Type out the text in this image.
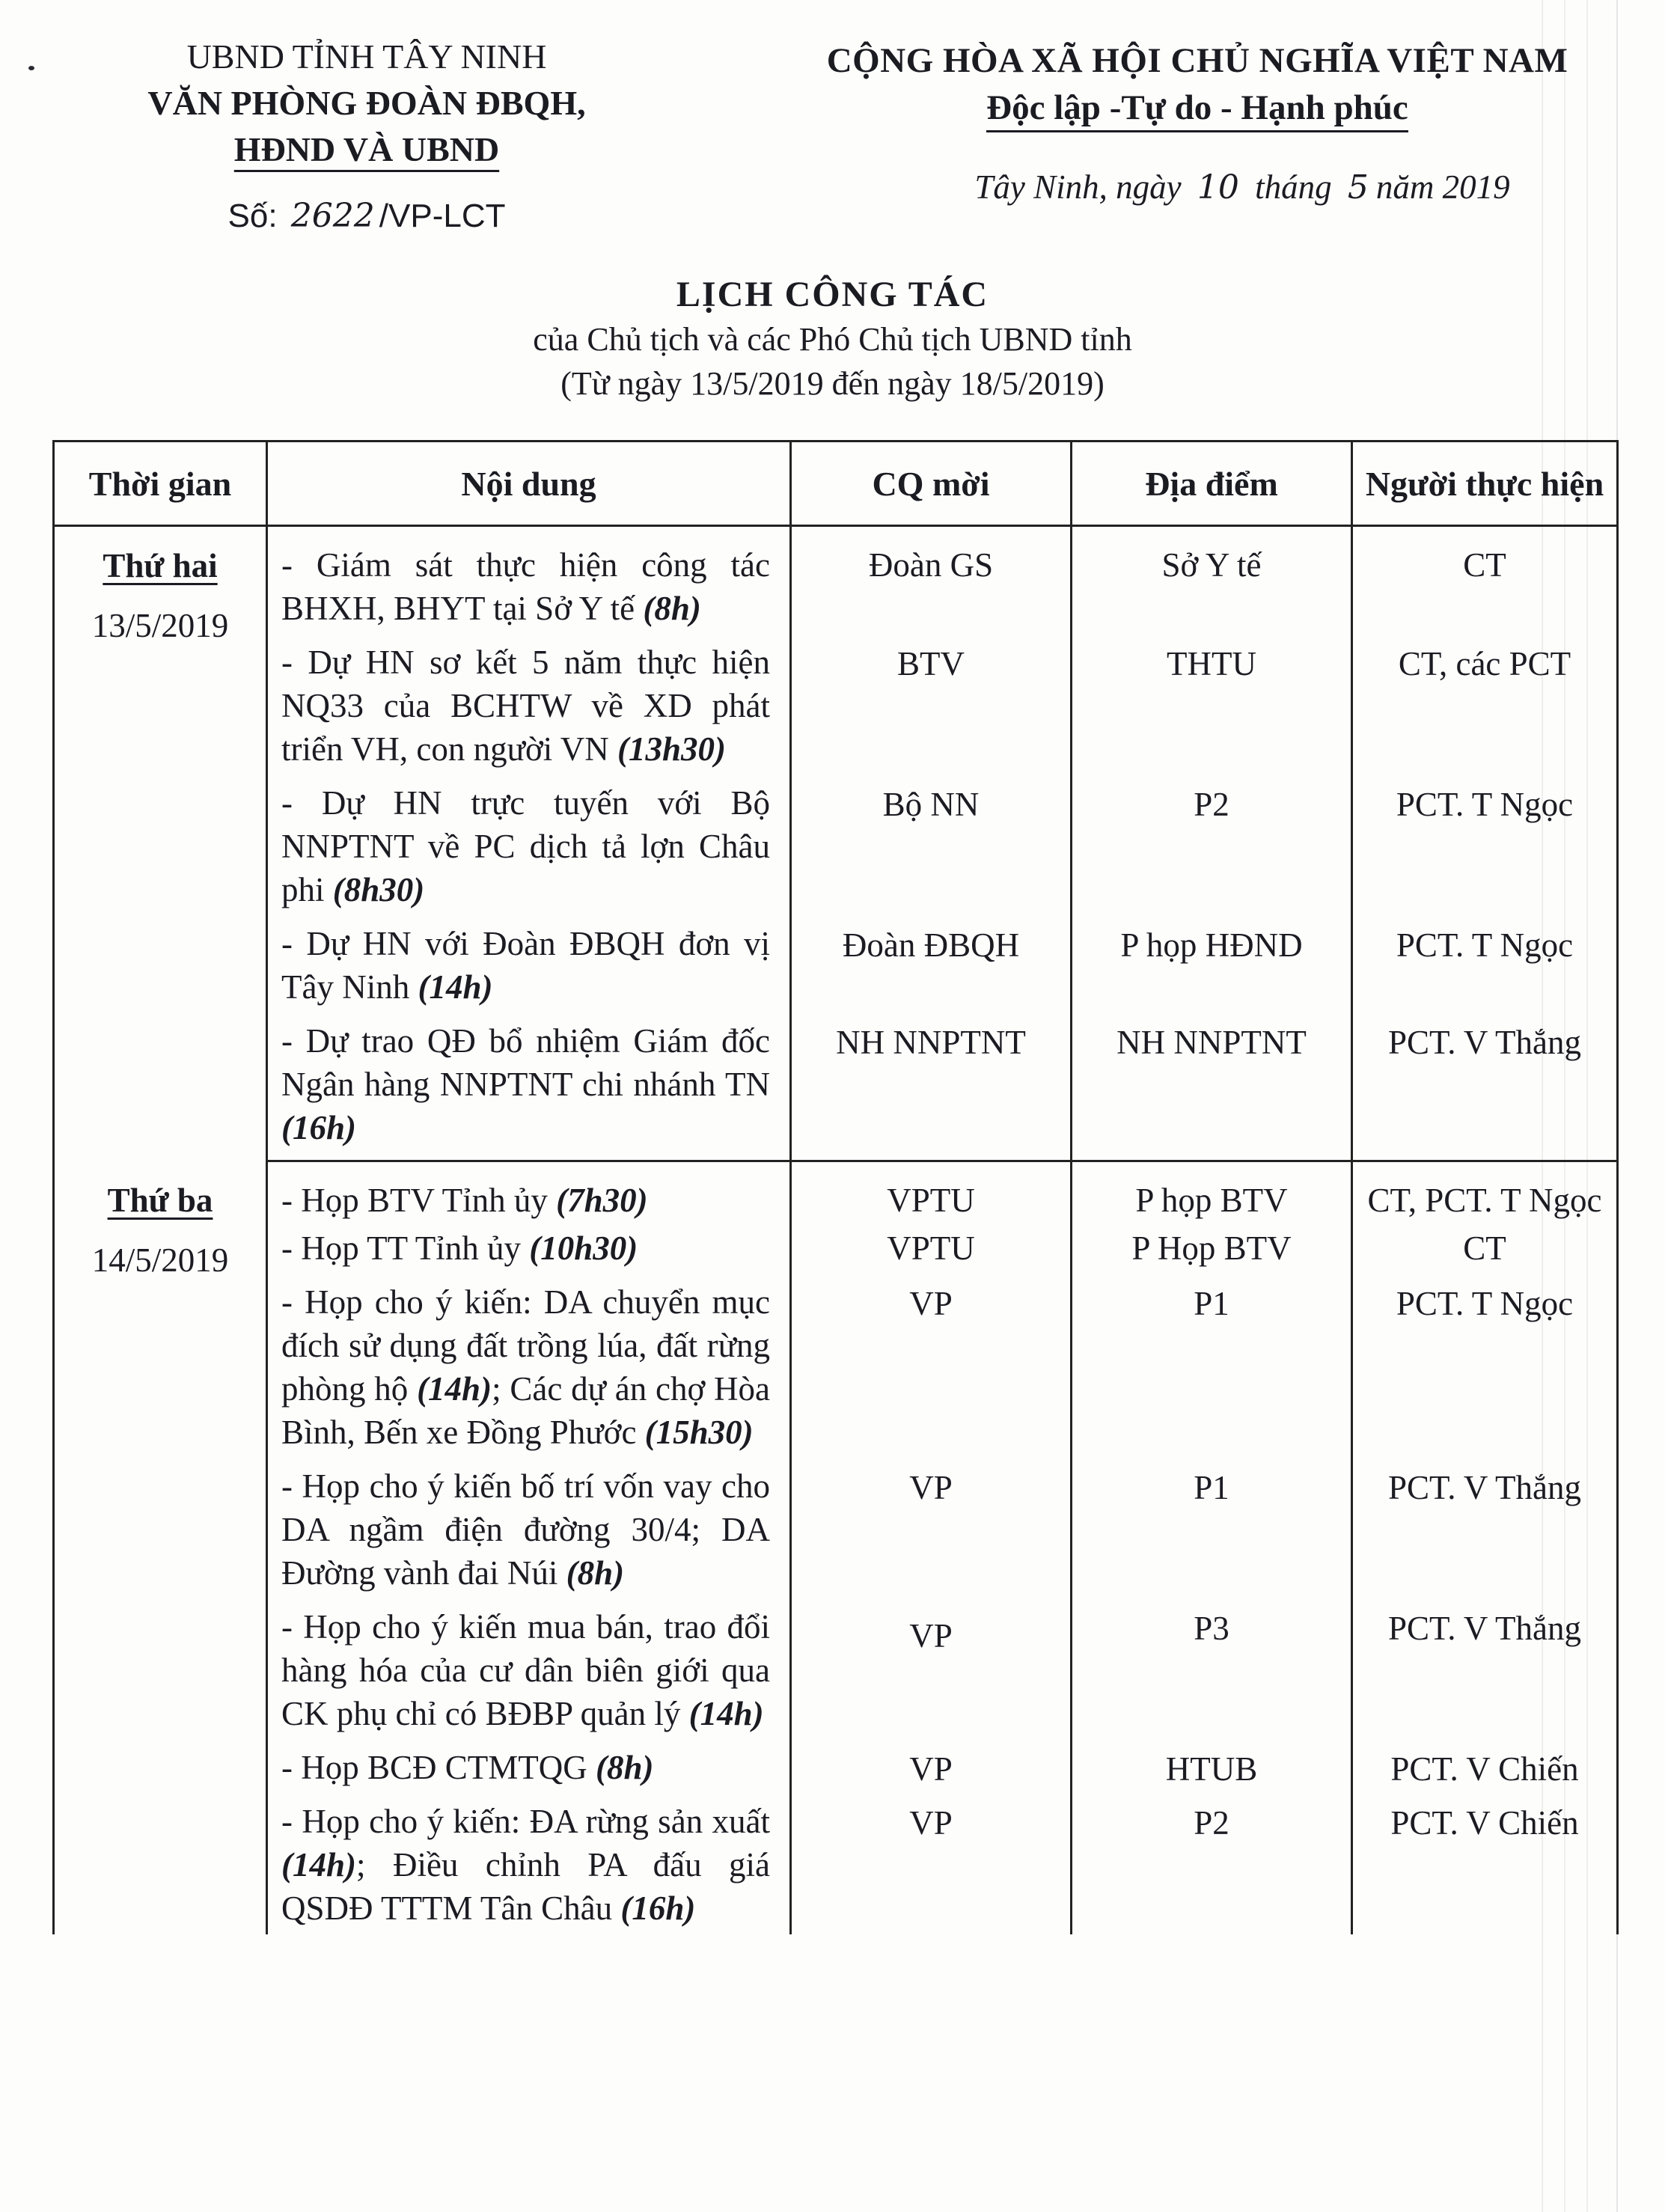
UBND TỈNH TÂY NINH
VĂN PHÒNG ĐOÀN ĐBQH,
HĐND VÀ UBND
Số: 2622 /VP-LCT
CỘNG HÒA XÃ HỘI CHỦ NGHĨA VIỆT NAM
Độc lập -Tự do - Hạnh phúc
Tây Ninh, ngày 10 tháng 5 năm 2019
LỊCH CÔNG TÁC
của Chủ tịch và các Phó Chủ tịch UBND tỉnh
(Từ ngày 13/5/2019 đến ngày 18/5/2019)
Thời gian	Nội dung	CQ mời	Địa điểm	Người thực hiện

Thứ hai
13/5/2019	- Giám sát thực hiện công tác BHXH, BHYT tại Sở Y tế (8h)	Đoàn GS	Sở Y tế	CT
	- Dự HN sơ kết 5 năm thực hiện NQ33 của BCHTW về XD phát triển VH, con người VN (13h30)	BTV	THTU	CT, các PCT
	- Dự HN trực tuyến với Bộ NNPTNT về PC dịch tả lợn Châu phi (8h30)	Bộ NN	P2	PCT. T Ngọc
	- Dự HN với Đoàn ĐBQH đơn vị Tây Ninh (14h)	Đoàn ĐBQH	P họp HĐND	PCT. T Ngọc
	- Dự trao QĐ bổ nhiệm Giám đốc Ngân hàng NNPTNT chi nhánh TN (16h)	NH NNPTNT	NH NNPTNT	PCT. V Thắng

Thứ ba
14/5/2019	- Họp BTV Tỉnh ủy (7h30)	VPTU	P họp BTV	CT, PCT. T Ngọc
	- Họp TT Tỉnh ủy (10h30)	VPTU	P Họp BTV	CT
	- Họp cho ý kiến: DA chuyển mục đích sử dụng đất trồng lúa, đất rừng phòng hộ (14h); Các dự án chợ Hòa Bình, Bến xe Đồng Phước (15h30)	VP	P1	PCT. T Ngọc
	- Họp cho ý kiến bố trí vốn vay cho DA ngầm điện đường 30/4; DA Đường vành đai Núi (8h)	VP	P1	PCT. V Thắng
	- Họp cho ý kiến mua bán, trao đổi hàng hóa của cư dân biên giới qua CK phụ chỉ có BĐBP quản lý (14h)	VP	P3	PCT. V Thắng
	- Họp BCĐ CTMTQG (8h)	VP	HTUB	PCT. V Chiến
	- Họp cho ý kiến: ĐA rừng sản xuất (14h); Điều chỉnh PA đấu giá QSDĐ TTTM Tân Châu (16h)	VP	P2	PCT. V Chiến
